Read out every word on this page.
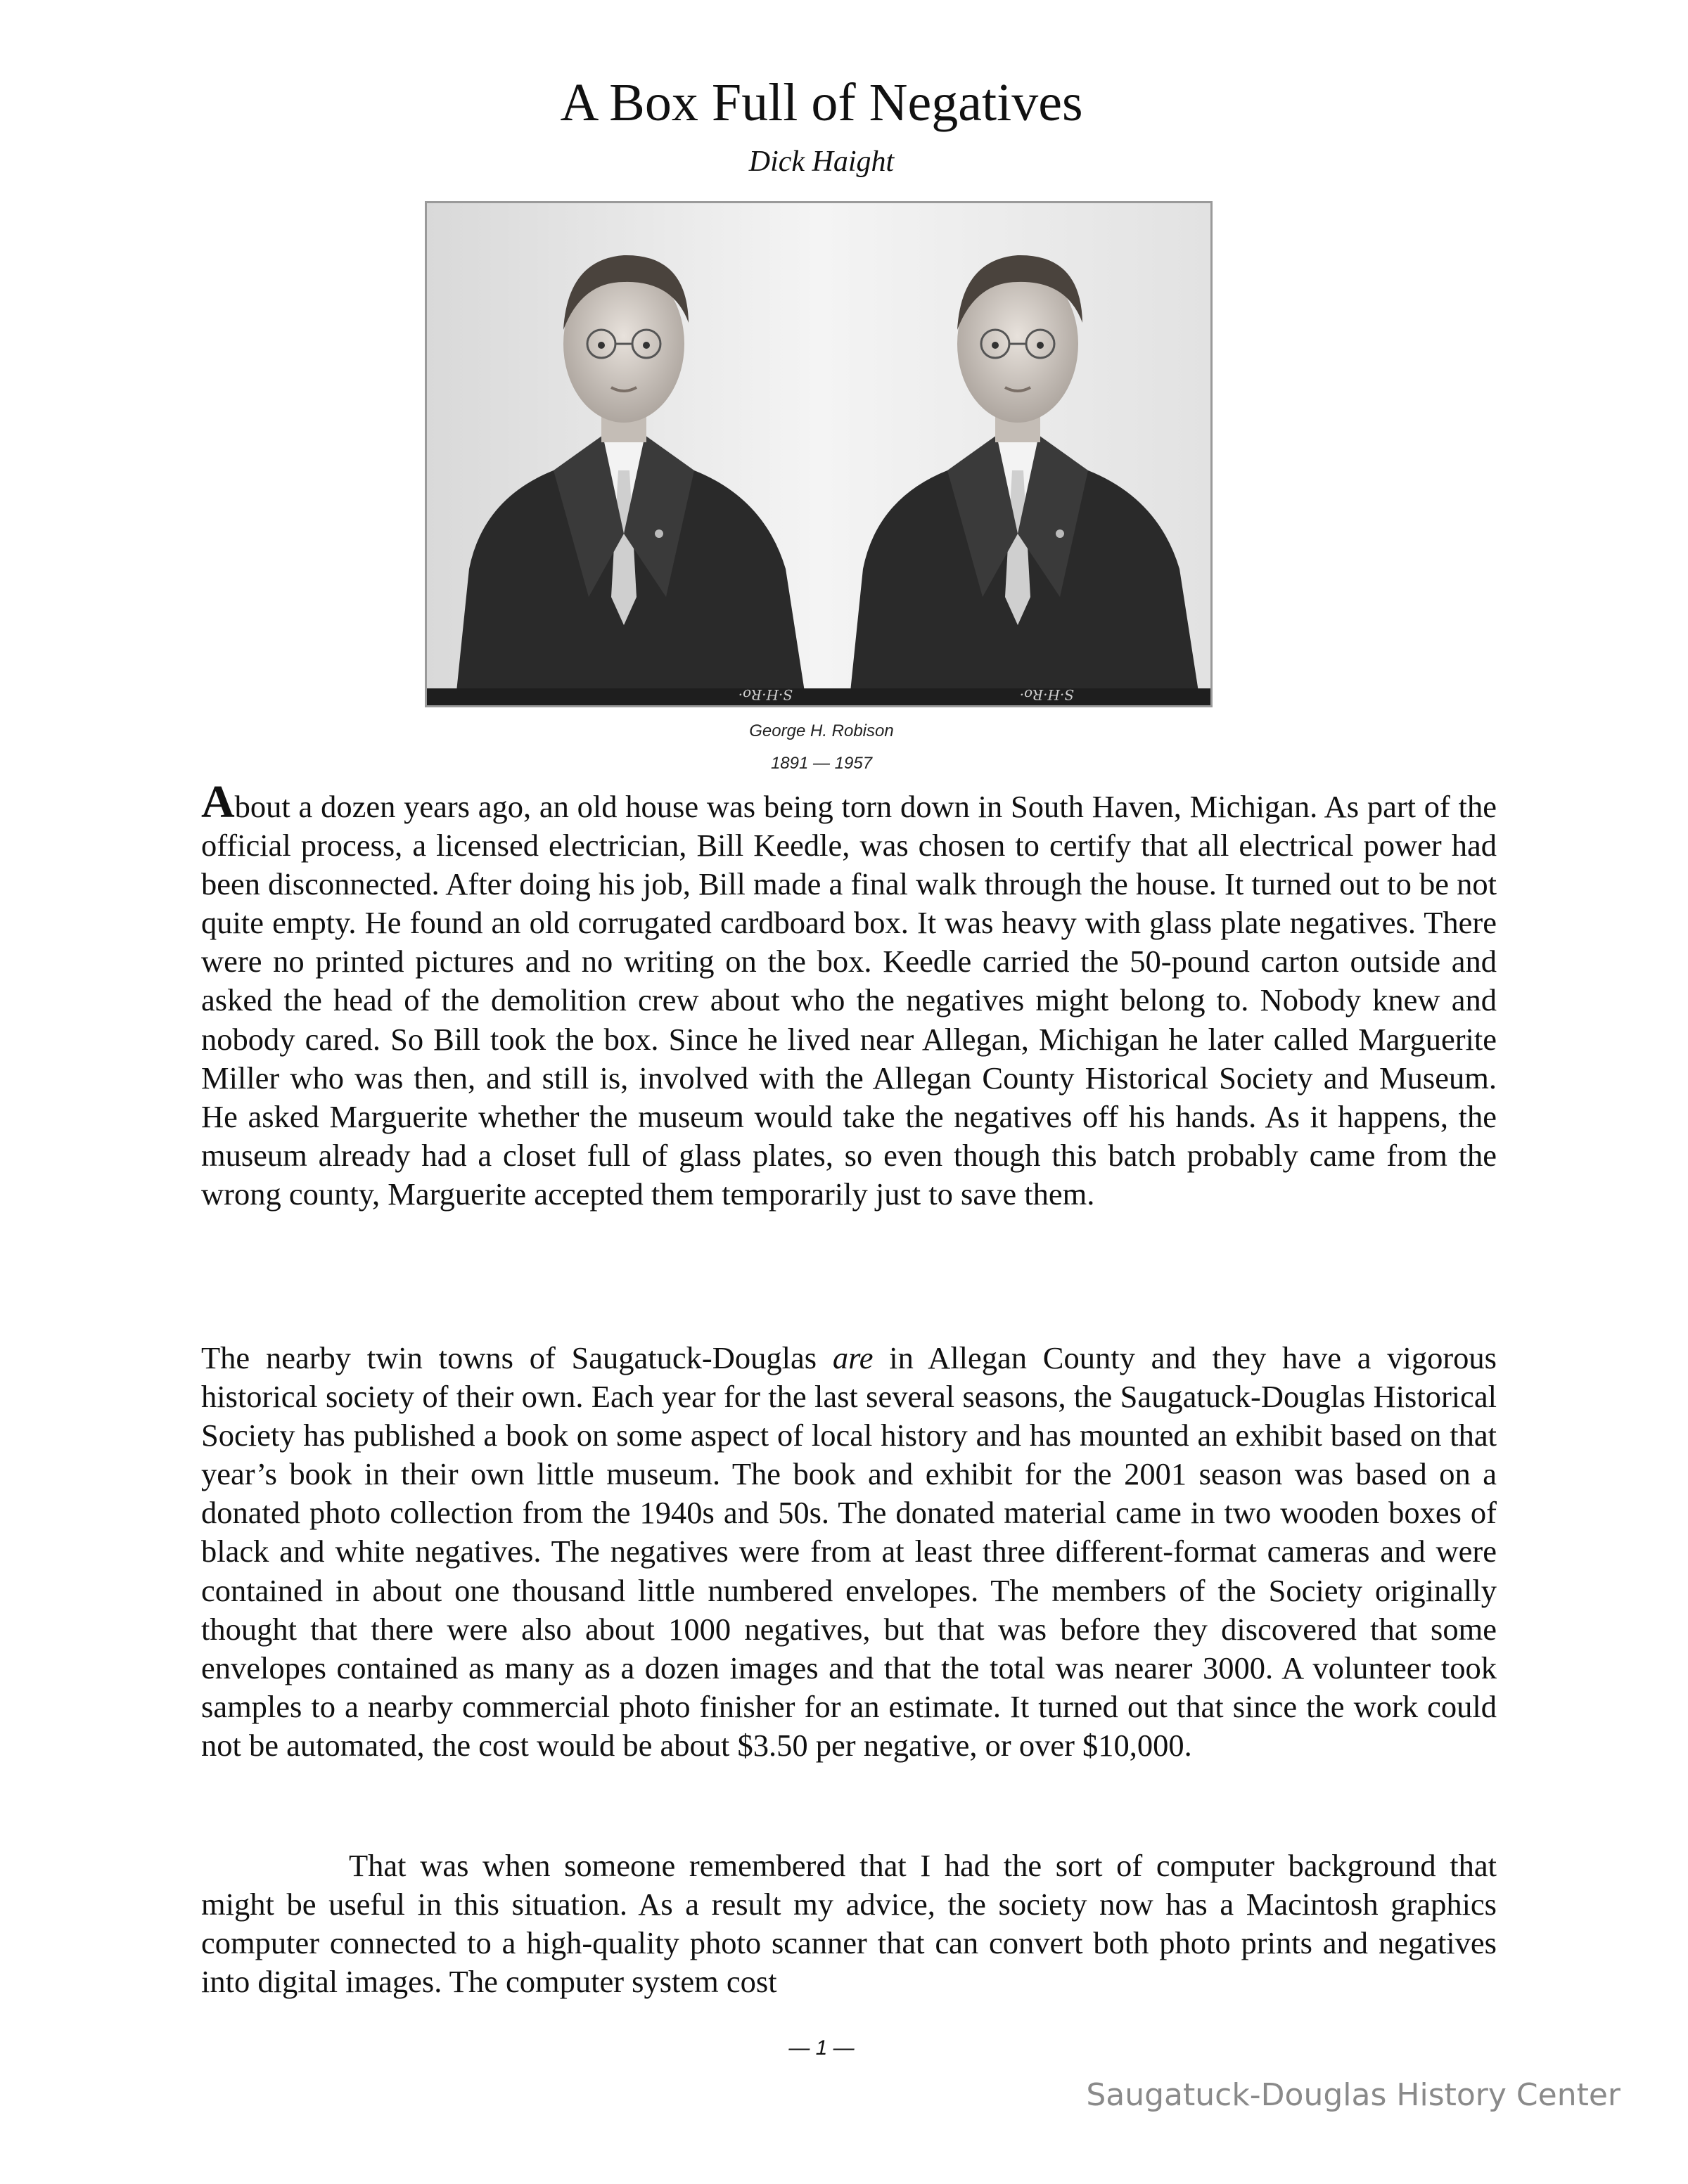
A Box Full of Negatives
Dick Haight
S·H·Ro·	S·H·Ro·
George H. Robison
1891 — 1957

About a dozen years ago, an old house was being torn down in South Haven, Michigan. As part of the official process, a licensed electrician, Bill Keedle, was chosen to certify that all electrical power had been disconnected. After doing his job, Bill made a final walk through the house. It turned out to be not quite empty. He found an old corrugated cardboard box. It was heavy with glass plate negatives. There were no printed pictures and no writing on the box. Keedle carried the 50-pound carton outside and asked the head of the demolition crew about who the negatives might belong to. Nobody knew and nobody cared. So Bill took the box. Since he lived near Allegan, Michigan he later called Marguerite Miller who was then, and still is, involved with the Allegan County Historical Society and Museum. He asked Marguerite whether the museum would take the negatives off his hands. As it happens, the museum already had a closet full of glass plates, so even though this batch probably came from the wrong county, Marguerite accepted them temporarily just to save them.

The nearby twin towns of Saugatuck-Douglas are in Allegan County and they have a vigorous historical society of their own. Each year for the last several seasons, the Saugatuck-Douglas Historical Society has published a book on some aspect of local history and has mounted an exhibit based on that year’s book in their own little museum. The book and exhibit for the 2001 season was based on a donated photo collection from the 1940s and 50s. The donated material came in two wooden boxes of black and white negatives. The negatives were from at least three different-format cameras and were contained in about one thousand little numbered envelopes. The members of the Society originally thought that there were also about 1000 negatives, but that was before they discovered that some envelopes contained as many as a dozen images and that the total was nearer 3000. A volunteer took samples to a nearby commercial photo finisher for an estimate. It turned out that since the work could not be automated, the cost would be about $3.50 per negative, or over $10,000.

That was when someone remembered that I had the sort of computer background that might be useful in this situation. As a result my advice, the society now has a Macintosh graphics computer connected to a high-quality photo scanner that can convert both photo prints and negatives into digital images. The computer system cost

— 1 —
Saugatuck-Douglas History Center
